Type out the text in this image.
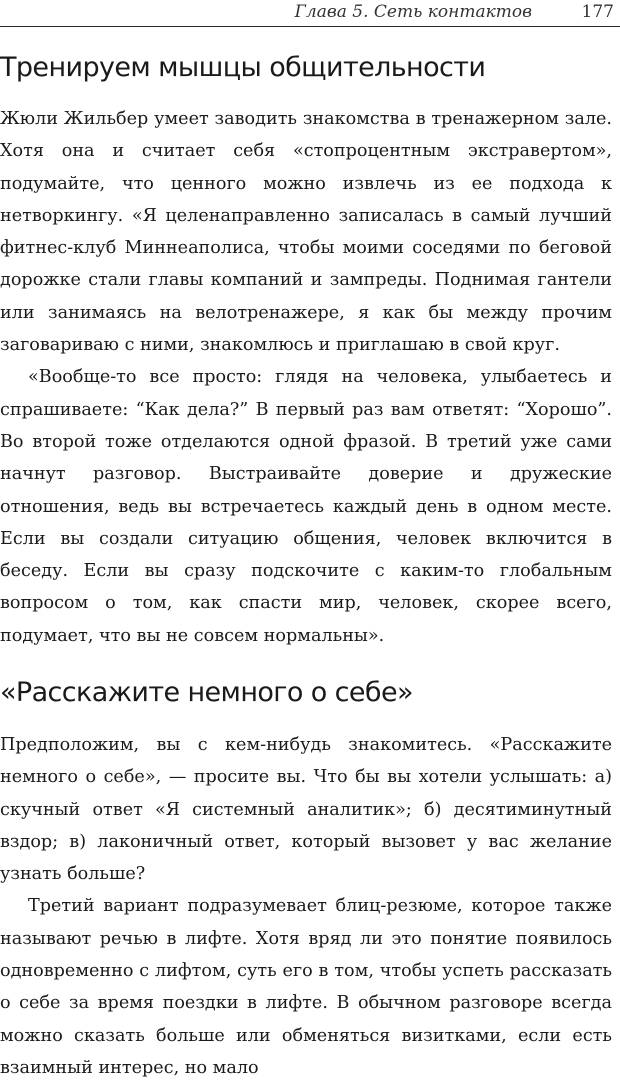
Глава 5. Сеть контактов	177
Тренируем мышцы общительности

Жюли Жильбер умеет заводить знакомства в тренажерном зале. Хотя она и считает себя «стопроцентным экстравертом», подумайте, что ценного можно извлечь из ее подхода к нетворкингу. «Я целенаправленно записалась в самый лучший фитнес-клуб Миннеаполиса, чтобы моими соседями по беговой дорожке стали главы компаний и зампреды. Поднимая гантели или занимаясь на велотренажере, я как бы между прочим заговариваю с ними, знакомлюсь и приглашаю в свой круг.

«Вообще-то все просто: глядя на человека, улыбаетесь и спрашиваете: “Как дела?” В первый раз вам ответят: “Хорошо”. Во второй тоже отделаются одной фразой. В третий уже сами начнут разговор. Выстраивайте доверие и дружеские отношения, ведь вы встречаетесь каждый день в одном месте. Если вы создали ситуацию общения, человек включится в беседу. Если вы сразу подскочите с каким-то глобальным вопросом о том, как спасти мир, человек, скорее всего, подумает, что вы не совсем нормальны».

«Расскажите немного о себе»

Предположим, вы с кем-нибудь знакомитесь. «Расскажите немного о себе», — просите вы. Что бы вы хотели услышать: а) скучный ответ «Я системный аналитик»; б) десятиминутный вздор; в) лаконичный ответ, который вызовет у вас желание узнать больше?

Третий вариант подразумевает блиц-резюме, которое также называют речью в лифте. Хотя вряд ли это понятие появилось одновременно с лифтом, суть его в том, чтобы успеть рассказать о себе за время поездки в лифте. В обычном разговоре всегда можно сказать больше или обменяться визитками, если есть взаимный интерес, но мало
